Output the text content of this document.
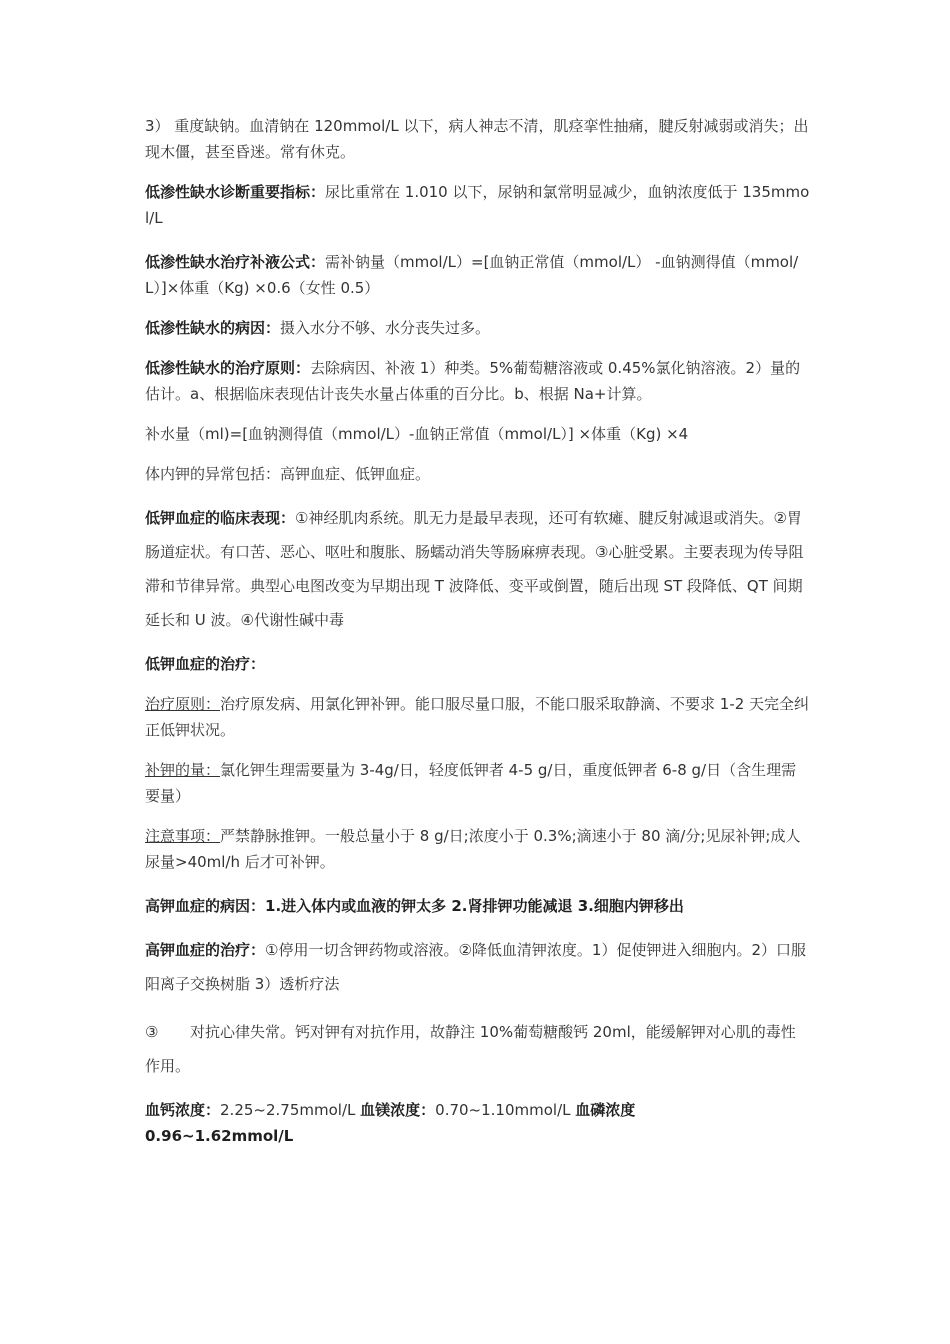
3） 重度缺钠。血清钠在 120mmol/L 以下，病人神志不清，肌痉挛性抽痛，腱反射减弱或消失；出现木僵，甚至昏迷。常有休克。

低渗性缺水诊断重要指标：尿比重常在 1.010 以下，尿钠和氯常明显减少，血钠浓度低于 135mmol/L

低渗性缺水治疗补液公式：需补钠量（mmol/L）=[血钠正常值（mmol/L） -血钠测得值（mmol/L）]×体重（Kg) ×0.6（女性 0.5）

低渗性缺水的病因：摄入水分不够、水分丧失过多。

低渗性缺水的治疗原则：去除病因、补液 1）种类。5%葡萄糖溶液或 0.45%氯化钠溶液。2）量的估计。a、根据临床表现估计丧失水量占体重的百分比。b、根据 Na+计算。

补水量（ml)=[血钠测得值（mmol/L）-血钠正常值（mmol/L）] ×体重（Kg) ×4

体内钾的异常包括：高钾血症、低钾血症。

低钾血症的临床表现：①神经肌肉系统。肌无力是最早表现，还可有软瘫、腱反射减退或消失。②胃肠道症状。有口苦、恶心、呕吐和腹胀、肠蠕动消失等肠麻痹表现。③心脏受累。主要表现为传导阻滞和节律异常。典型心电图改变为早期出现 T 波降低、变平或倒置，随后出现 ST 段降低、QT 间期延长和 U 波。④代谢性碱中毒

低钾血症的治疗：

治疗原则：治疗原发病、用氯化钾补钾。能口服尽量口服，不能口服采取静滴、不要求 1-2 天完全纠正低钾状况。

补钾的量：氯化钾生理需要量为 3-4g/日，轻度低钾者 4-5 g/日，重度低钾者 6-8 g/日（含生理需要量）

注意事项：严禁静脉推钾。一般总量小于 8 g/日;浓度小于 0.3%;滴速小于 80 滴/分;见尿补钾;成人尿量>40ml/h 后才可补钾。

高钾血症的病因：1.进入体内或血液的钾太多 2.肾排钾功能减退 3.细胞内钾移出

高钾血症的治疗：①停用一切含钾药物或溶液。②降低血清钾浓度。1）促使钾进入细胞内。2）口服阳离子交换树脂 3）透析疗法

③ 对抗心律失常。钙对钾有对抗作用，故静注 10%葡萄糖酸钙 20ml，能缓解钾对心肌的毒性作用。

血钙浓度：2.25~2.75mmol/L 血镁浓度：0.70~1.10mmol/L 血磷浓度
0.96~1.62mmol/L
